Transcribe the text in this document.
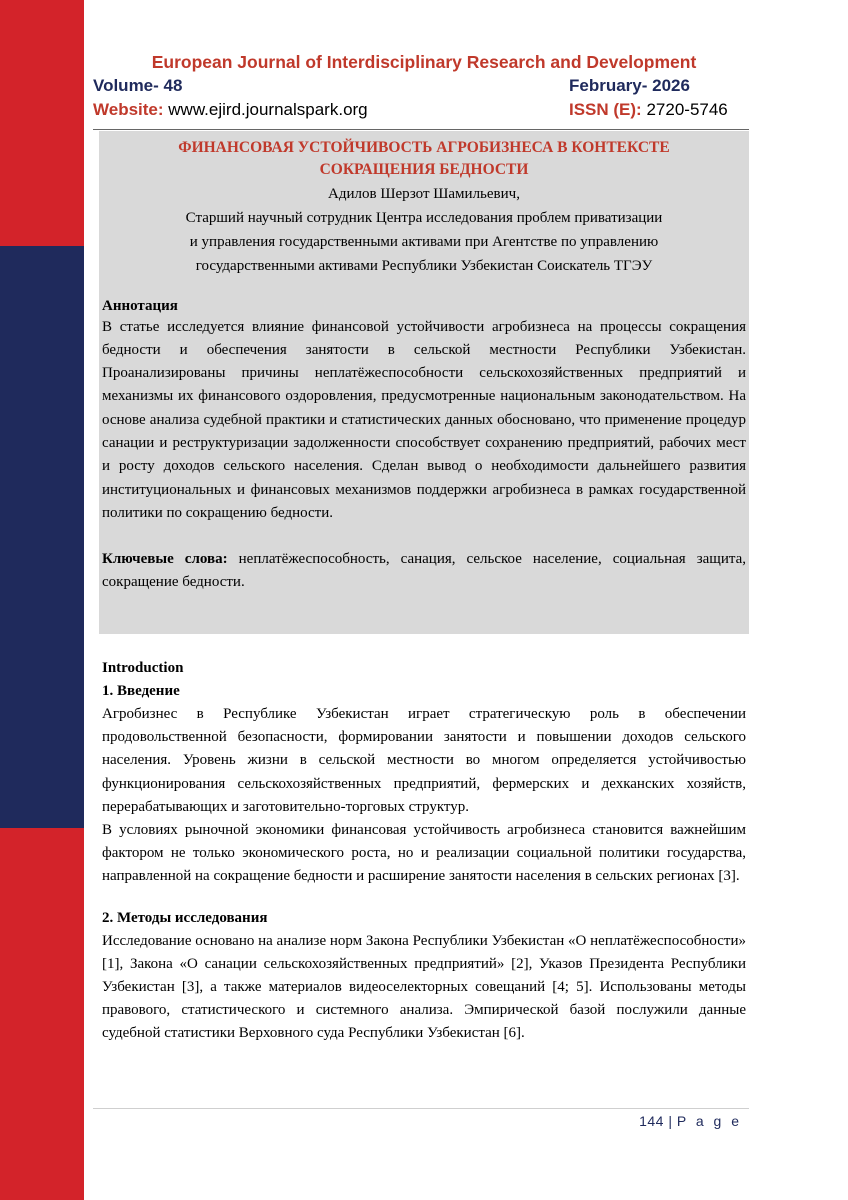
European Journal of Interdisciplinary Research and Development
Volume- 48	February- 2026
Website: www.ejird.journalspark.org	ISSN (E): 2720-5746
ФИНАНСОВАЯ УСТОЙЧИВОСТЬ АГРОБИЗНЕСА В КОНТЕКСТЕ
СОКРАЩЕНИЯ БЕДНОСТИ
Адилов Шерзот Шамильевич,
Старший научный сотрудник Центра исследования проблем приватизации
и управления государственными активами при Агентстве по управлению
государственными активами Республики Узбекистан Соискатель ТГЭУ
Аннотация
В статье исследуется влияние финансовой устойчивости агробизнеса на процессы сокращения бедности и обеспечения занятости в сельской местности Республики Узбекистан. Проанализированы причины неплатёжеспособности сельскохозяйственных предприятий и механизмы их финансового оздоровления, предусмотренные национальным законодательством. На основе анализа судебной практики и статистических данных обосновано, что применение процедур санации и реструктуризации задолженности способствует сохранению предприятий, рабочих мест и росту доходов сельского населения. Сделан вывод о необходимости дальнейшего развития институциональных и финансовых механизмов поддержки агробизнеса в рамках государственной политики по сокращению бедности.
Ключевые слова: неплатёжеспособность, санация, сельское население, социальная защита, сокращение бедности.
Introduction
1. Введение

Агробизнес в Республике Узбекистан играет стратегическую роль в обеспечении продовольственной безопасности, формировании занятости и повышении доходов сельского населения. Уровень жизни в сельской местности во многом определяется устойчивостью функционирования сельскохозяйственных предприятий, фермерских и дехканских хозяйств, перерабатывающих и заготовительно-торговых структур.

В условиях рыночной экономики финансовая устойчивость агробизнеса становится важнейшим фактором не только экономического роста, но и реализации социальной политики государства, направленной на сокращение бедности и расширение занятости населения в сельских регионах [3].

2. Методы исследования

Исследование основано на анализе норм Закона Республики Узбекистан «О неплатёжеспособности» [1], Закона «О санации сельскохозяйственных предприятий» [2], Указов Президента Республики Узбекистан [3], а также материалов видеоселекторных совещаний [4; 5]. Использованы методы правового, статистического и системного анализа. Эмпирической базой послужили данные судебной статистики Верховного суда Республики Узбекистан [6].

144 | P a g e
